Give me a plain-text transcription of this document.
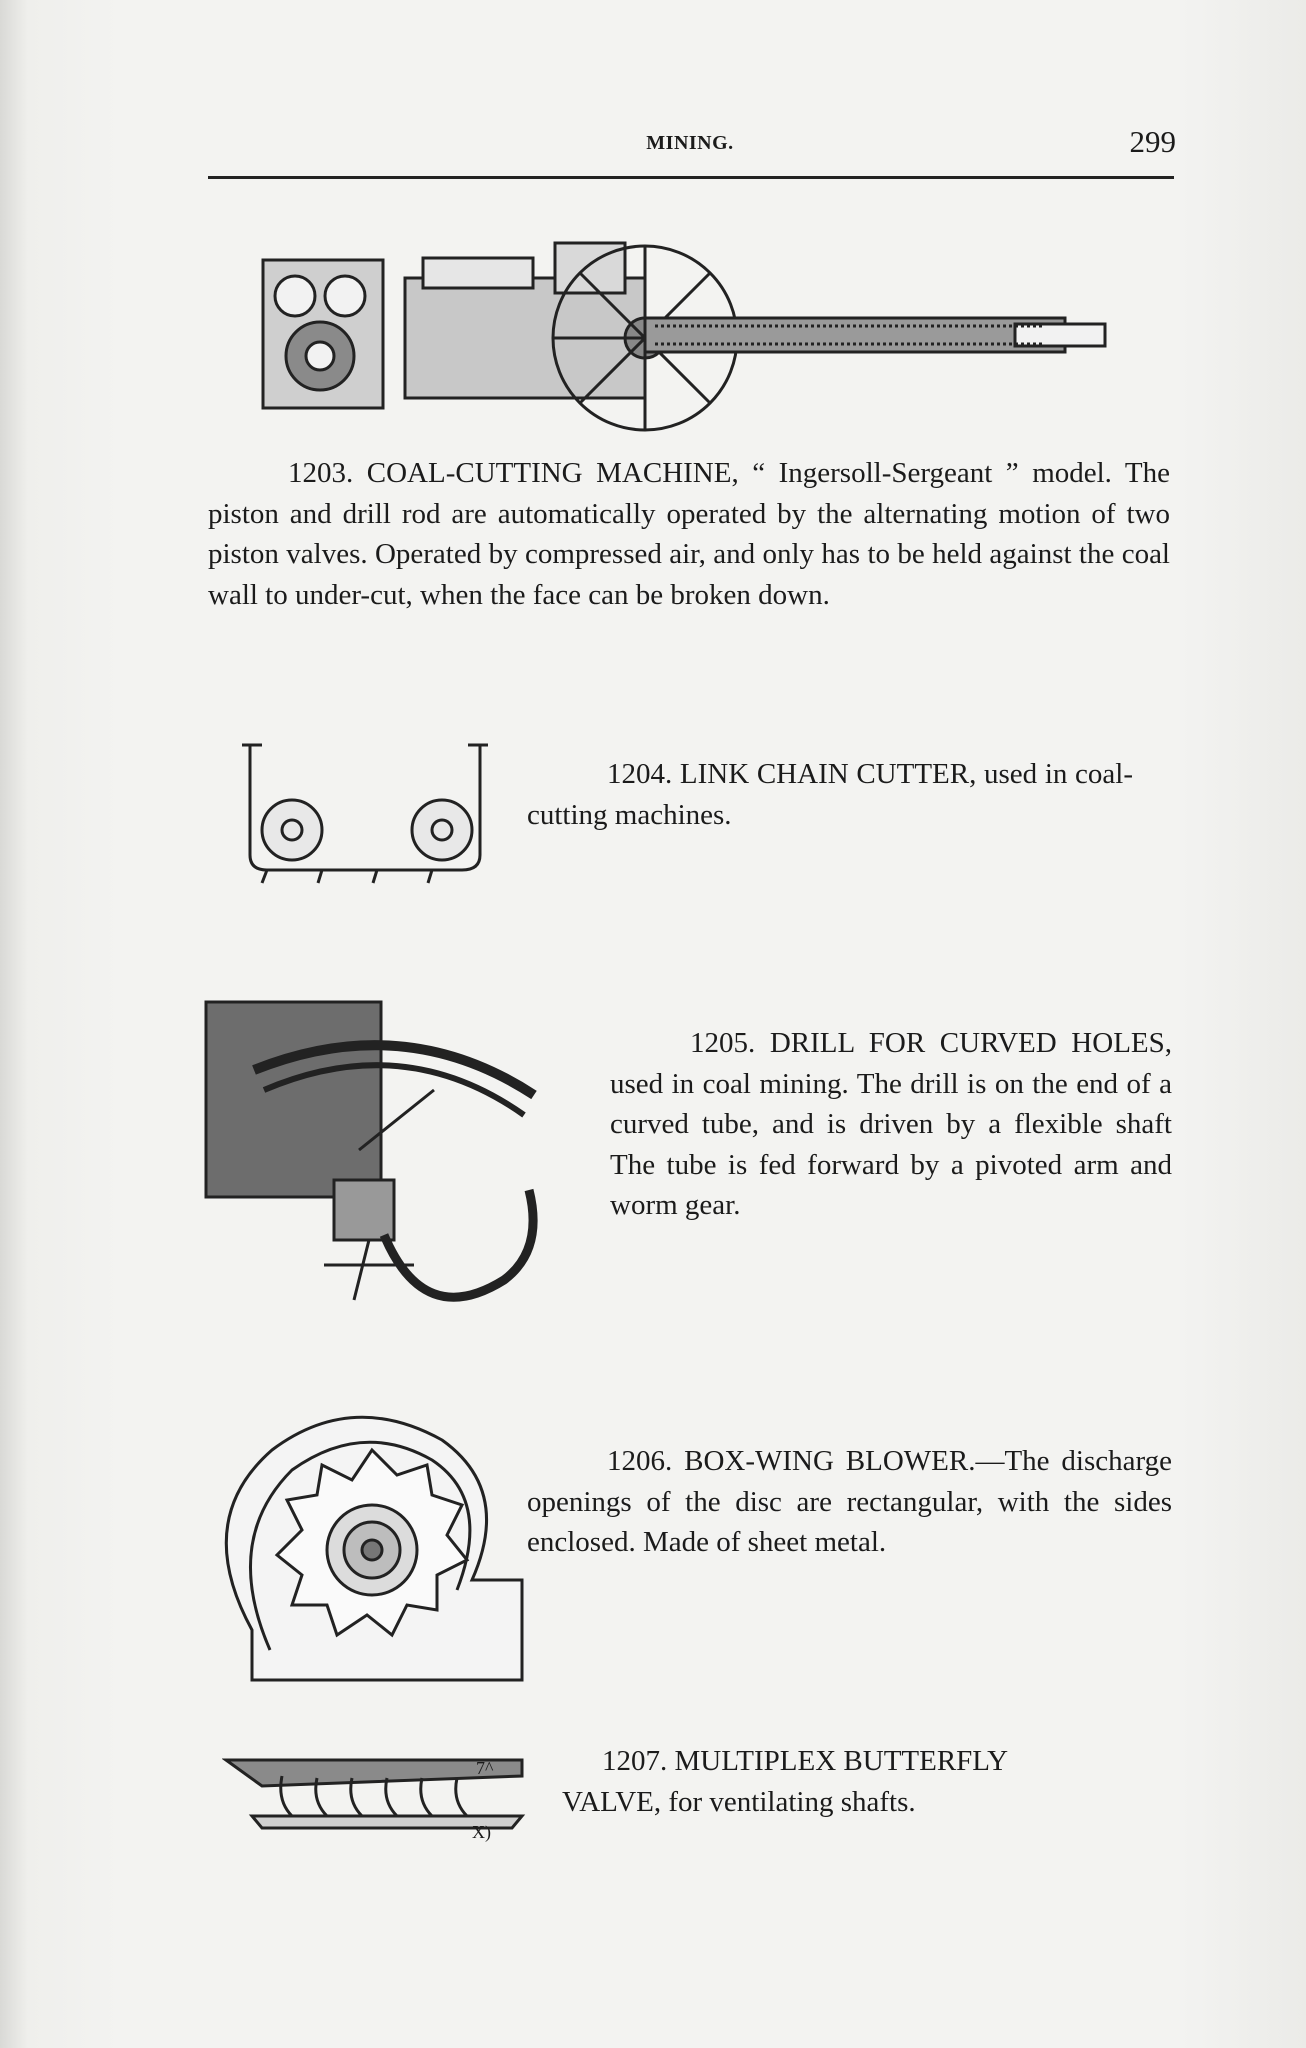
MINING.	299
1203. COAL-CUTTING MACHINE, “ Ingersoll-Sergeant ” model. The piston and drill rod are automatically operated by the alternating motion of two piston valves. Operated by compressed air, and only has to be held against the coal wall to under-cut, when the face can be broken down.
1204. LINK CHAIN CUTTER, used in coal-cutting machines.
1205. DRILL FOR CURVED HOLES, used in coal mining. The drill is on the end of a curved tube, and is driven by a flexible shaft The tube is fed forward by a pivoted arm and worm gear.
1206. BOX-WING BLOWER.—The discharge openings of the disc are rectangular, with the sides enclosed. Made of sheet metal.
7^
X)
1207. MULTIPLEX BUTTERFLY VALVE, for ventilating shafts.
